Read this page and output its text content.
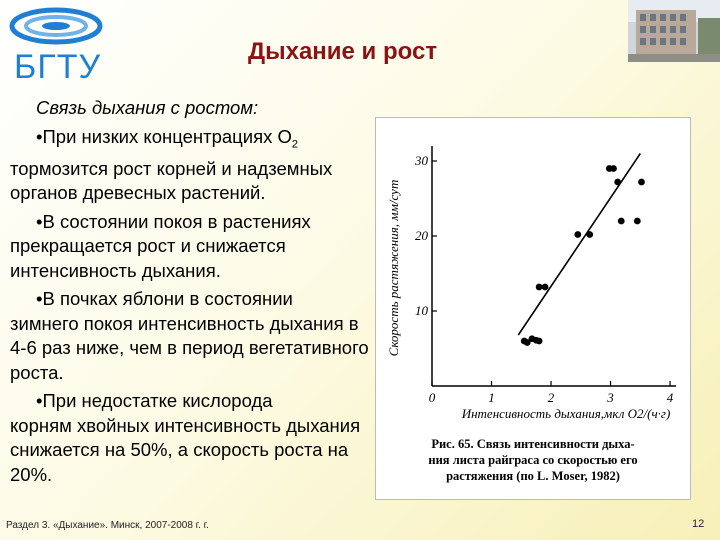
БГТУ	Дыхание и рост
Связь дыхания с ростом:
•При низких концентрациях $O_2$
тормозится рост корней и надземных органов древесных растений.
•В состоянии покоя в растениях
прекращается рост и снижается интенсивность дыхания.
•В почках яблони в состоянии
зимнего покоя интенсивность дыхания в 4-6 раз ниже, чем в период вегетативного роста.
•При недостатке кислорода
корням хвойных интенсивность дыхания снижается на 50%, а скорость роста на 20%.
0	1	2	3	4
10
20
30
Интенсивность дыхания,мкл O2/(ч·г)
Скорость растяжения, мм/сут
Рис. 65. Связь интенсивности дыха-
ния листа райграса со скоростью его
растяжения (по L. Moser, 1982)
Раздел 3. «Дыхание». Минск, 2007-2008 г. г.	12
